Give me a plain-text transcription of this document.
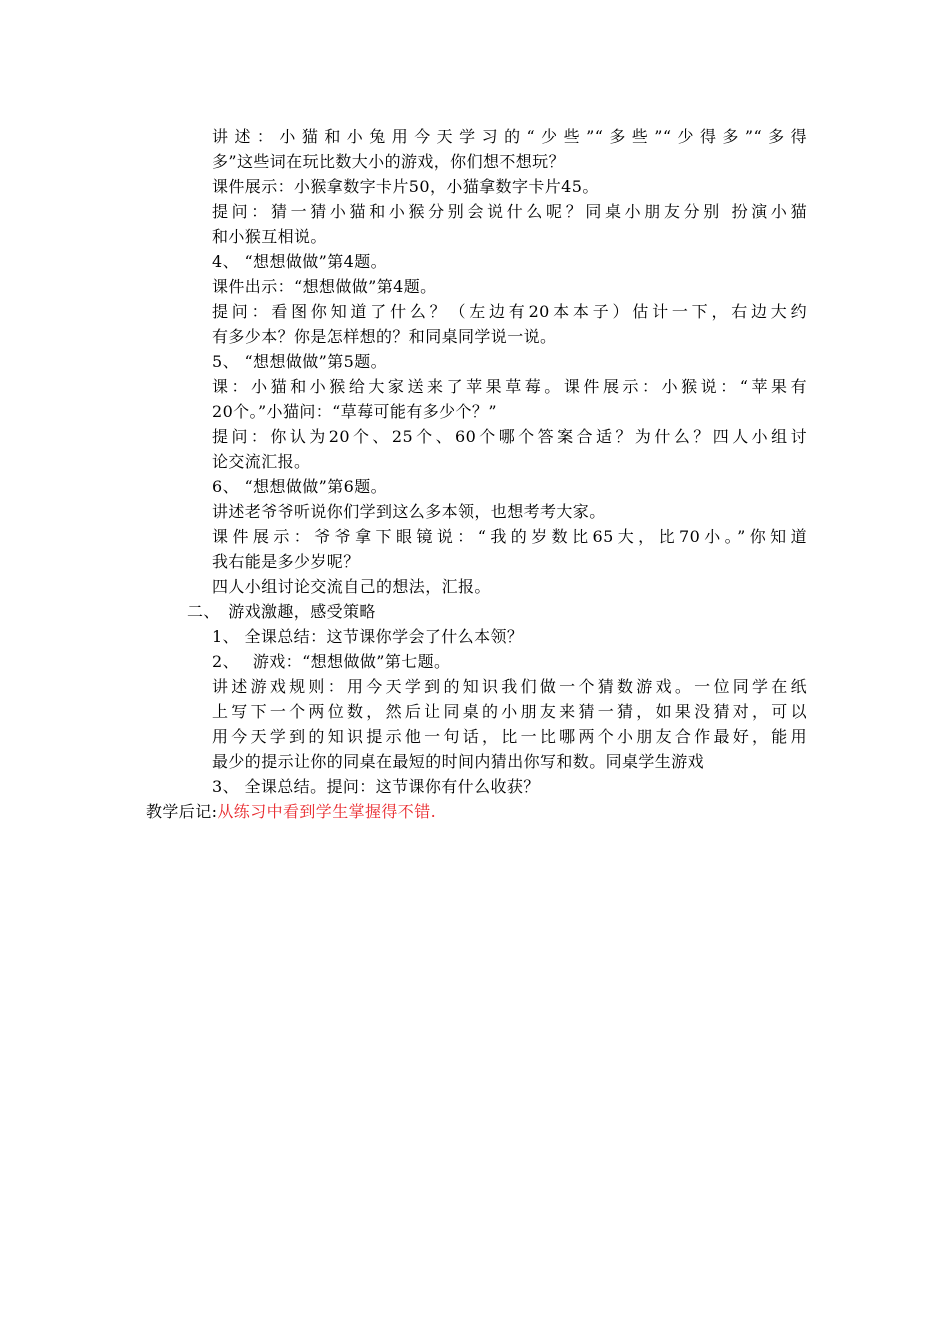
讲述：小猫和小兔用今天学习的“少些”“多些”“少得多”“多得
多”这些词在玩比数大小的游戏，你们想不想玩？
课件展示：小猴拿数字卡片50，小猫拿数字卡片45。
提问：猜一猜小猫和小猴分别会说什么呢？同桌小朋友分别 扮演小猫
和小猴互相说。
4、 “想想做做”第4题。
课件出示：“想想做做”第4题。
提问：看图你知道了什么？（左边有20本本子）估计一下，右边大约
有多少本？你是怎样想的？和同桌同学说一说。
5、 “想想做做”第5题。
课：小猫和小猴给大家送来了苹果草莓。课件展示：小猴说：“苹果有
20个。”小猫问：“草莓可能有多少个？”
提问：你认为20个、25个、60个哪个答案合适？为什么？四人小组讨
论交流汇报。
6、 “想想做做”第6题。
讲述老爷爷听说你们学到这么多本领，也想考考大家。
课件展示：爷爷拿下眼镜说：“我的岁数比65大，比70小。”你知道
我右能是多少岁呢？
四人小组讨论交流自己的想法，汇报。
二、　游戏激趣，感受策略
1、 全课总结：这节课你学会了什么本领？
2、　 游戏：“想想做做”第七题。
讲述游戏规则：用今天学到的知识我们做一个猜数游戏。一位同学在纸
上写下一个两位数，然后让同桌的小朋友来猜一猜，如果没猜对，可以
用今天学到的知识提示他一句话，比一比哪两个小朋友合作最好，能用
最少的提示让你的同桌在最短的时间内猜出你写和数。同桌学生游戏
3、 全课总结。提问：这节课你有什么收获？
教学后记:从练习中看到学生掌握得不错.
